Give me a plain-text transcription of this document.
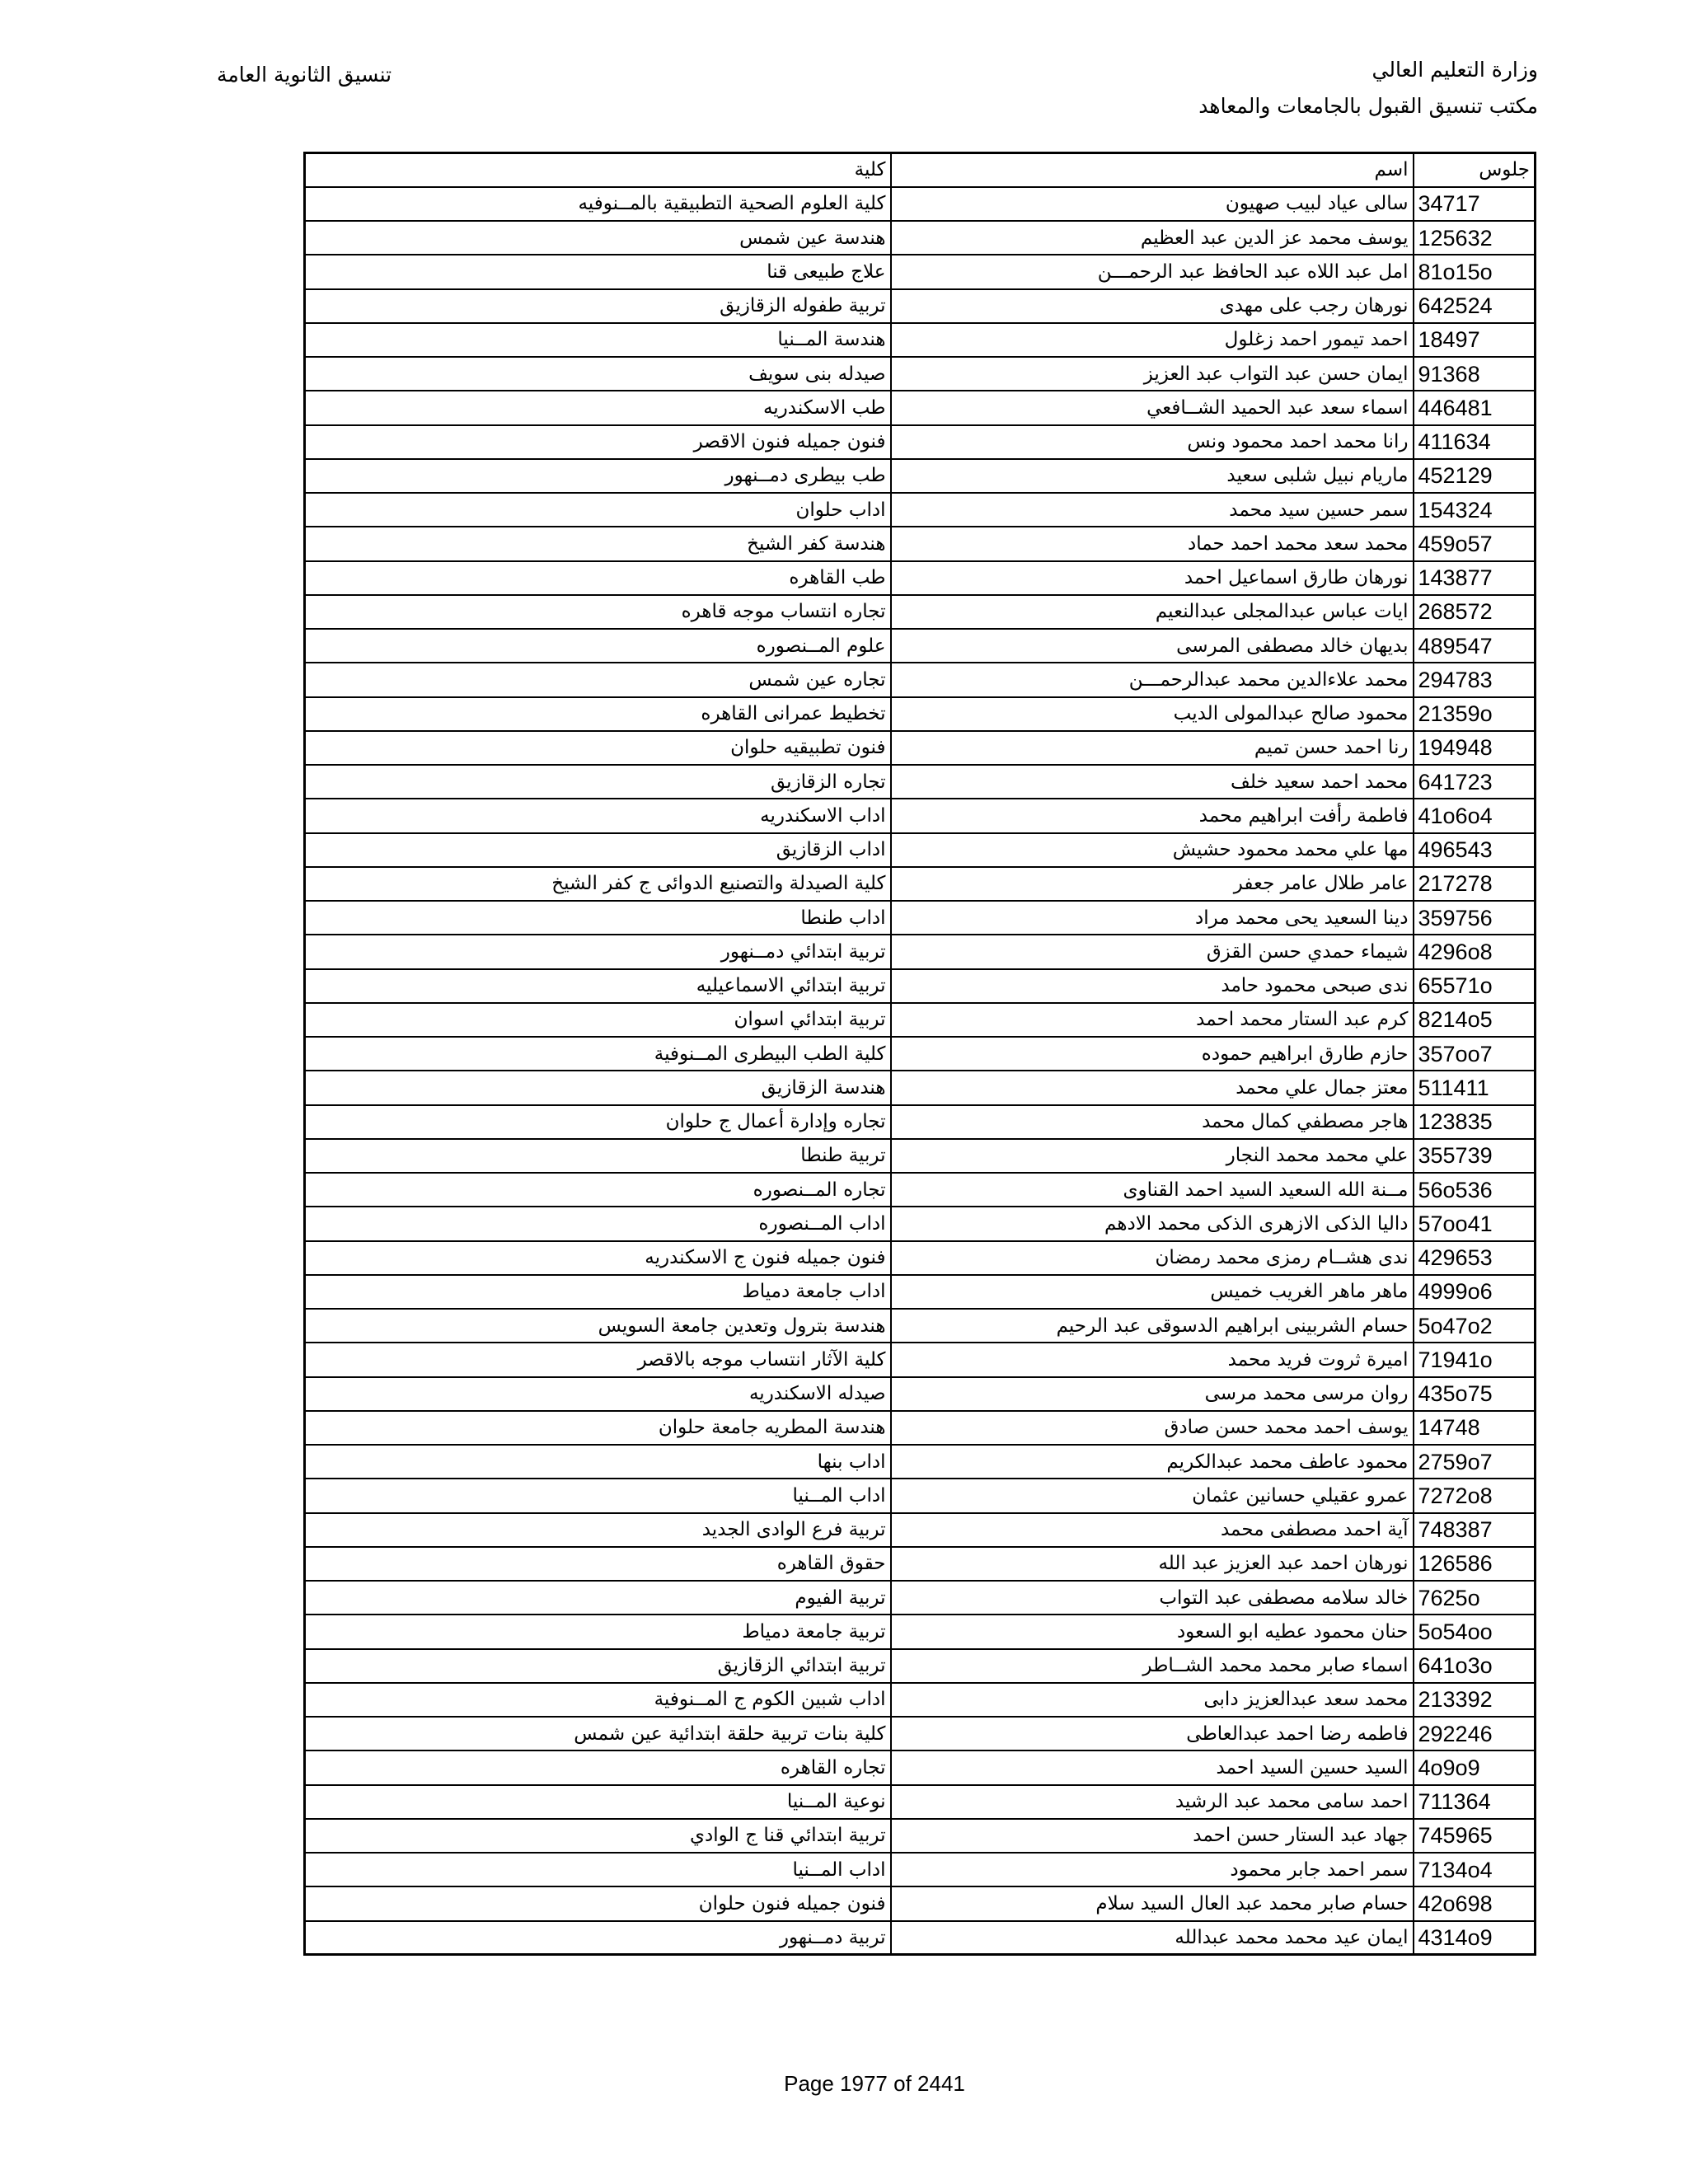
وزارة التعليم العالي
مكتب تنسيق القبول بالجامعات والمعاهد
تنسيق الثانوية العامة
جلوس	اسم	كلية
34717	سالى عياد لبيب صهيون	كلية العلوم الصحية التطبيقية بالمــنوفيه
125632	يوسف محمد عز الدين عبد العظيم	هندسة عين شمس
81o15o	امل عبد اللاه عبد الحافظ عبد الرحمـــن	علاج طبيعى قنا
642524	نورهان رجب على مهدى	تربية طفوله الزقازيق
18497	احمد تيمور احمد زغلول	هندسة المــنيا
91368	ايمان حسن عبد التواب عبد العزيز	صيدله بنى سويف
446481	اسماء سعد عبد الحميد الشــافعي	طب الاسكندريه
411634	رانا محمد احمد محمود ونس	فنون جميله فنون الاقصر
452129	ماريام نبيل شلبى سعيد	طب بيطرى دمــنهور
154324	سمر حسين سيد محمد	اداب حلوان
459o57	محمد سعد محمد احمد حماد	هندسة كفر الشيخ
143877	نورهان طارق اسماعيل احمد	طب القاهره
268572	ايات عباس عبدالمجلى عبدالنعيم	تجاره انتساب موجه قاهره
489547	بديهان خالد مصطفى المرسى	علوم المــنصوره
294783	محمد علاءالدين محمد عبدالرحمـــن	تجاره عين شمس
21359o	محمود صالح عبدالمولى الديب	تخطيط عمرانى القاهره
194948	رنا احمد حسن تميم	فنون تطبيقيه حلوان
641723	محمد احمد سعيد خلف	تجاره الزقازيق
41o6o4	فاطمة رأفت ابراهيم محمد	اداب الاسكندريه
496543	مها علي محمد محمود حشيش	اداب الزقازيق
217278	عامر طلال عامر جعفر	كلية الصيدلة والتصنيع الدوائى ج كفر الشيخ
359756	دينا السعيد يحى محمد مراد	اداب طنطا
4296o8	شيماء حمدي حسن القزق	تربية ابتدائي دمــنهور
65571o	ندى صبحى محمود حامد	تربية ابتدائي الاسماعيليه
8214o5	كرم عبد الستار محمد احمد	تربية ابتدائي اسوان
357oo7	حازم طارق ابراهيم حموده	كلية الطب البيطرى المــنوفية
511411	معتز جمال علي محمد	هندسة الزقازيق
123835	هاجر مصطفي كمال محمد	تجاره وإدارة أعمال ج حلوان
355739	علي محمد محمد النجار	تربية طنطا
56o536	مــنة الله السعيد السيد احمد القناوى	تجاره المــنصوره
57oo41	داليا الذكى الازهرى الذكى محمد الادهم	اداب المــنصوره
429653	ندى هشــام رمزى محمد رمضان	فنون جميله فنون ج الاسكندريه
4999o6	ماهر ماهر الغريب خميس	اداب جامعة دمياط
5o47o2	حسام الشربينى ابراهيم الدسوقى عبد الرحيم	هندسة بترول وتعدين جامعة السويس
71941o	اميرة ثروت فريد محمد	كلية الآثار انتساب موجه بالاقصر
435o75	روان مرسى محمد مرسى	صيدله الاسكندريه
14748	يوسف احمد محمد حسن صادق	هندسة المطريه جامعة حلوان
2759o7	محمود عاطف محمد عبدالكريم	اداب بنها
7272o8	عمرو عقيلي حسانين عثمان	اداب المــنيا
748387	آية احمد مصطفى محمد	تربية فرع الوادى الجديد
126586	نورهان احمد عبد العزيز عبد الله	حقوق القاهره
7625o	خالد سلامه مصطفى عبد التواب	تربية الفيوم
5o54oo	حنان محمود عطيه ابو السعود	تربية جامعة دمياط
641o3o	اسماء صابر محمد محمد الشــاطر	تربية ابتدائي الزقازيق
213392	محمد سعد عبدالعزيز دابى	اداب شبين الكوم ج المــنوفية
292246	فاطمه رضا احمد عبدالعاطى	كلية بنات تربية حلقة ابتدائية عين شمس
4o9o9	السيد حسين السيد احمد	تجاره القاهره
711364	احمد سامى محمد عبد الرشيد	نوعية المــنيا
745965	جهاد عبد الستار حسن احمد	تربية ابتدائي قنا ج الوادي
7134o4	سمر احمد جابر محمود	اداب المــنيا
42o698	حسام صابر محمد عبد العال السيد سلام	فنون جميله فنون حلوان
4314o9	ايمان عيد محمد محمد عبدالله	تربية دمــنهور
Page 1977 of 2441
